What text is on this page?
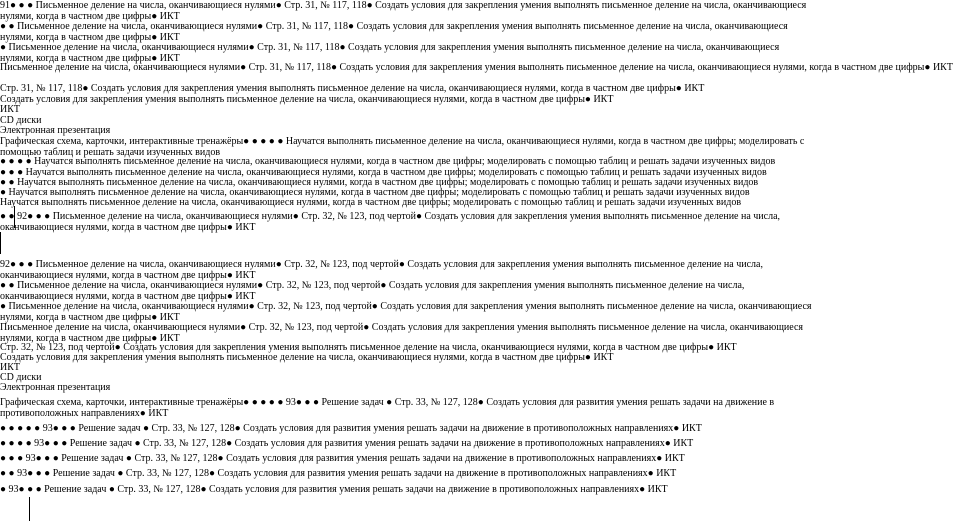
91● ● ● Письменное деление на числа, оканчивающиеся нулями● Стр. 31, № 117, 118● Создать условия для закрепления умения выполнять письменное деление на числа, оканчивающиеся нулями, когда в частном две цифры● ИКТ
● ● Письменное деление на числа, оканчивающиеся нулями● Стр. 31, № 117, 118● Создать условия для закрепления умения выполнять письменное деление на числа, оканчивающиеся нулями, когда в частном две цифры● ИКТ
● Письменное деление на числа, оканчивающиеся нулями● Стр. 31, № 117, 118● Создать условия для закрепления умения выполнять письменное деление на числа, оканчивающиеся нулями, когда в частном две цифры● ИКТ
Письменное деление на числа, оканчивающиеся нулями● Стр. 31, № 117, 118● Создать условия для закрепления умения выполнять письменное деление на числа, оканчивающиеся нулями, когда в частном две цифры● ИКТ
Стр. 31, № 117, 118● Создать условия для закрепления умения выполнять письменное деление на числа, оканчивающиеся нулями, когда в частном две цифры● ИКТ
Создать условия для закрепления умения выполнять письменное деление на числа, оканчивающиеся нулями, когда в частном две цифры● ИКТ
ИКТ
CD диски
Электронная презентация
Графическая схема, карточки, интерактивные тренажёры● ● ● ● ● Научатся выполнять письменное деление на числа, оканчивающиеся нулями, когда в частном две цифры; моделировать с помощью таблиц и решать задачи изученных видов
● ● ● ● Научатся выполнять письменное деление на числа, оканчивающиеся нулями, когда в частном две цифры; моделировать с помощью таблиц и решать задачи изученных видов
● ● ● Научатся выполнять письменное деление на числа, оканчивающиеся нулями, когда в частном две цифры; моделировать с помощью таблиц и решать задачи изученных видов
● ● Научатся выполнять письменное деление на числа, оканчивающиеся нулями, когда в частном две цифры; моделировать с помощью таблиц и решать задачи изученных видов
● Научатся выполнять письменное деление на числа, оканчивающиеся нулями, когда в частном две цифры; моделировать с помощью таблиц и решать задачи изученных видов
Научатся выполнять письменное деление на числа, оканчивающиеся нулями, когда в частном две цифры; моделировать с помощью таблиц и решать задачи изученных видов
● ● 92● ● ● Письменное деление на числа, оканчивающиеся нулями● Стр. 32, № 123, под чертой● Создать условия для закрепления умения выполнять письменное деление на числа, оканчивающиеся нулями, когда в частном две цифры● ИКТ
92● ● ● Письменное деление на числа, оканчивающиеся нулями● Стр. 32, № 123, под чертой● Создать условия для закрепления умения выполнять письменное деление на числа, оканчивающиеся нулями, когда в частном две цифры● ИКТ
● ● Письменное деление на числа, оканчивающиеся нулями● Стр. 32, № 123, под чертой● Создать условия для закрепления умения выполнять письменное деление на числа, оканчивающиеся нулями, когда в частном две цифры● ИКТ
● Письменное деление на числа, оканчивающиеся нулями● Стр. 32, № 123, под чертой● Создать условия для закрепления умения выполнять письменное деление на числа, оканчивающиеся нулями, когда в частном две цифры● ИКТ
Письменное деление на числа, оканчивающиеся нулями● Стр. 32, № 123, под чертой● Создать условия для закрепления умения выполнять письменное деление на числа, оканчивающиеся нулями, когда в частном две цифры● ИКТ
Стр. 32, № 123, под чертой● Создать условия для закрепления умения выполнять письменное деление на числа, оканчивающиеся нулями, когда в частном две цифры● ИКТ
Создать условия для закрепления умения выполнять письменное деление на числа, оканчивающиеся нулями, когда в частном две цифры● ИКТ
ИКТ
CD диски
Электронная презентация
Графическая схема, карточки, интерактивные тренажёры● ● ● ● ● 93● ● ● Решение задач ● Стр. 33, № 127, 128● Создать условия для развития умения решать задачи на движение в противоположных направлениях● ИКТ
● ● ● ● ● 93● ● ● Решение задач ● Стр. 33, № 127, 128● Создать условия для развития умения решать задачи на движение в противоположных направлениях● ИКТ
● ● ● ● 93● ● ● Решение задач ● Стр. 33, № 127, 128● Создать условия для развития умения решать задачи на движение в противоположных направлениях● ИКТ
● ● ● 93● ● ● Решение задач ● Стр. 33, № 127, 128● Создать условия для развития умения решать задачи на движение в противоположных направлениях● ИКТ
● ● 93● ● ● Решение задач ● Стр. 33, № 127, 128● Создать условия для развития умения решать задачи на движение в противоположных направлениях● ИКТ
● 93● ● ● Решение задач ● Стр. 33, № 127, 128● Создать условия для развития умения решать задачи на движение в противоположных направлениях● ИКТ
